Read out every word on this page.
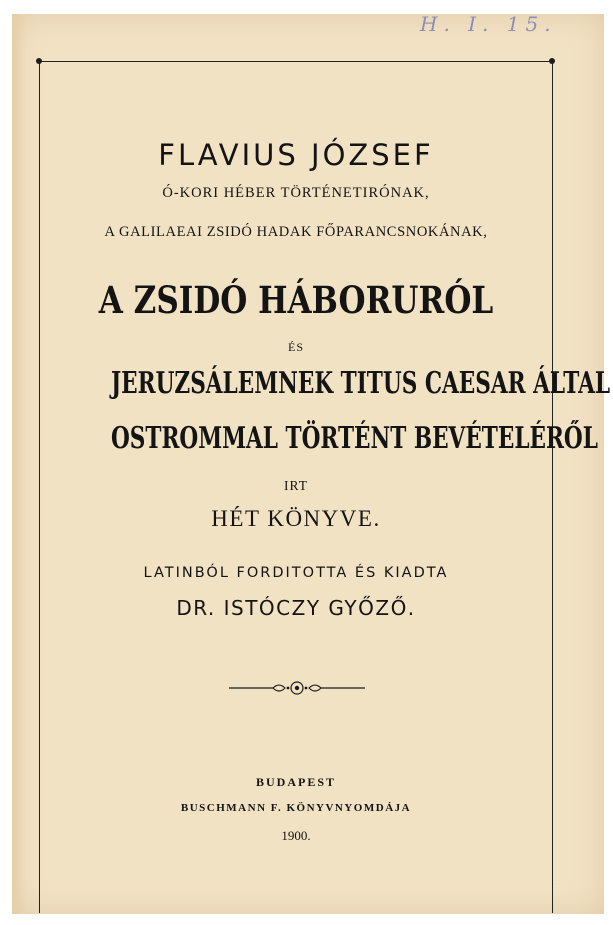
H. I. 15.
FLAVIUS JÓZSEF
Ó-KORI HÉBER TÖRTÉNETIRÓNAK,
A GALILAEAI ZSIDÓ HADAK FŐPARANCSNOKÁNAK,
A ZSIDÓ HÁBORURÓL
ÉS
JERUZSÁLEMNEK TITUS CAESAR ÁLTAL
OSTROMMAL TÖRTÉNT BEVÉTELÉRŐL
IRT
HÉT KÖNYVE.
LATINBÓL FORDITOTTA ÉS KIADTA
DR. ISTÓCZY GYŐZŐ.
BUDAPEST
BUSCHMANN F. KÖNYVNYOMDÁJA
1900.
